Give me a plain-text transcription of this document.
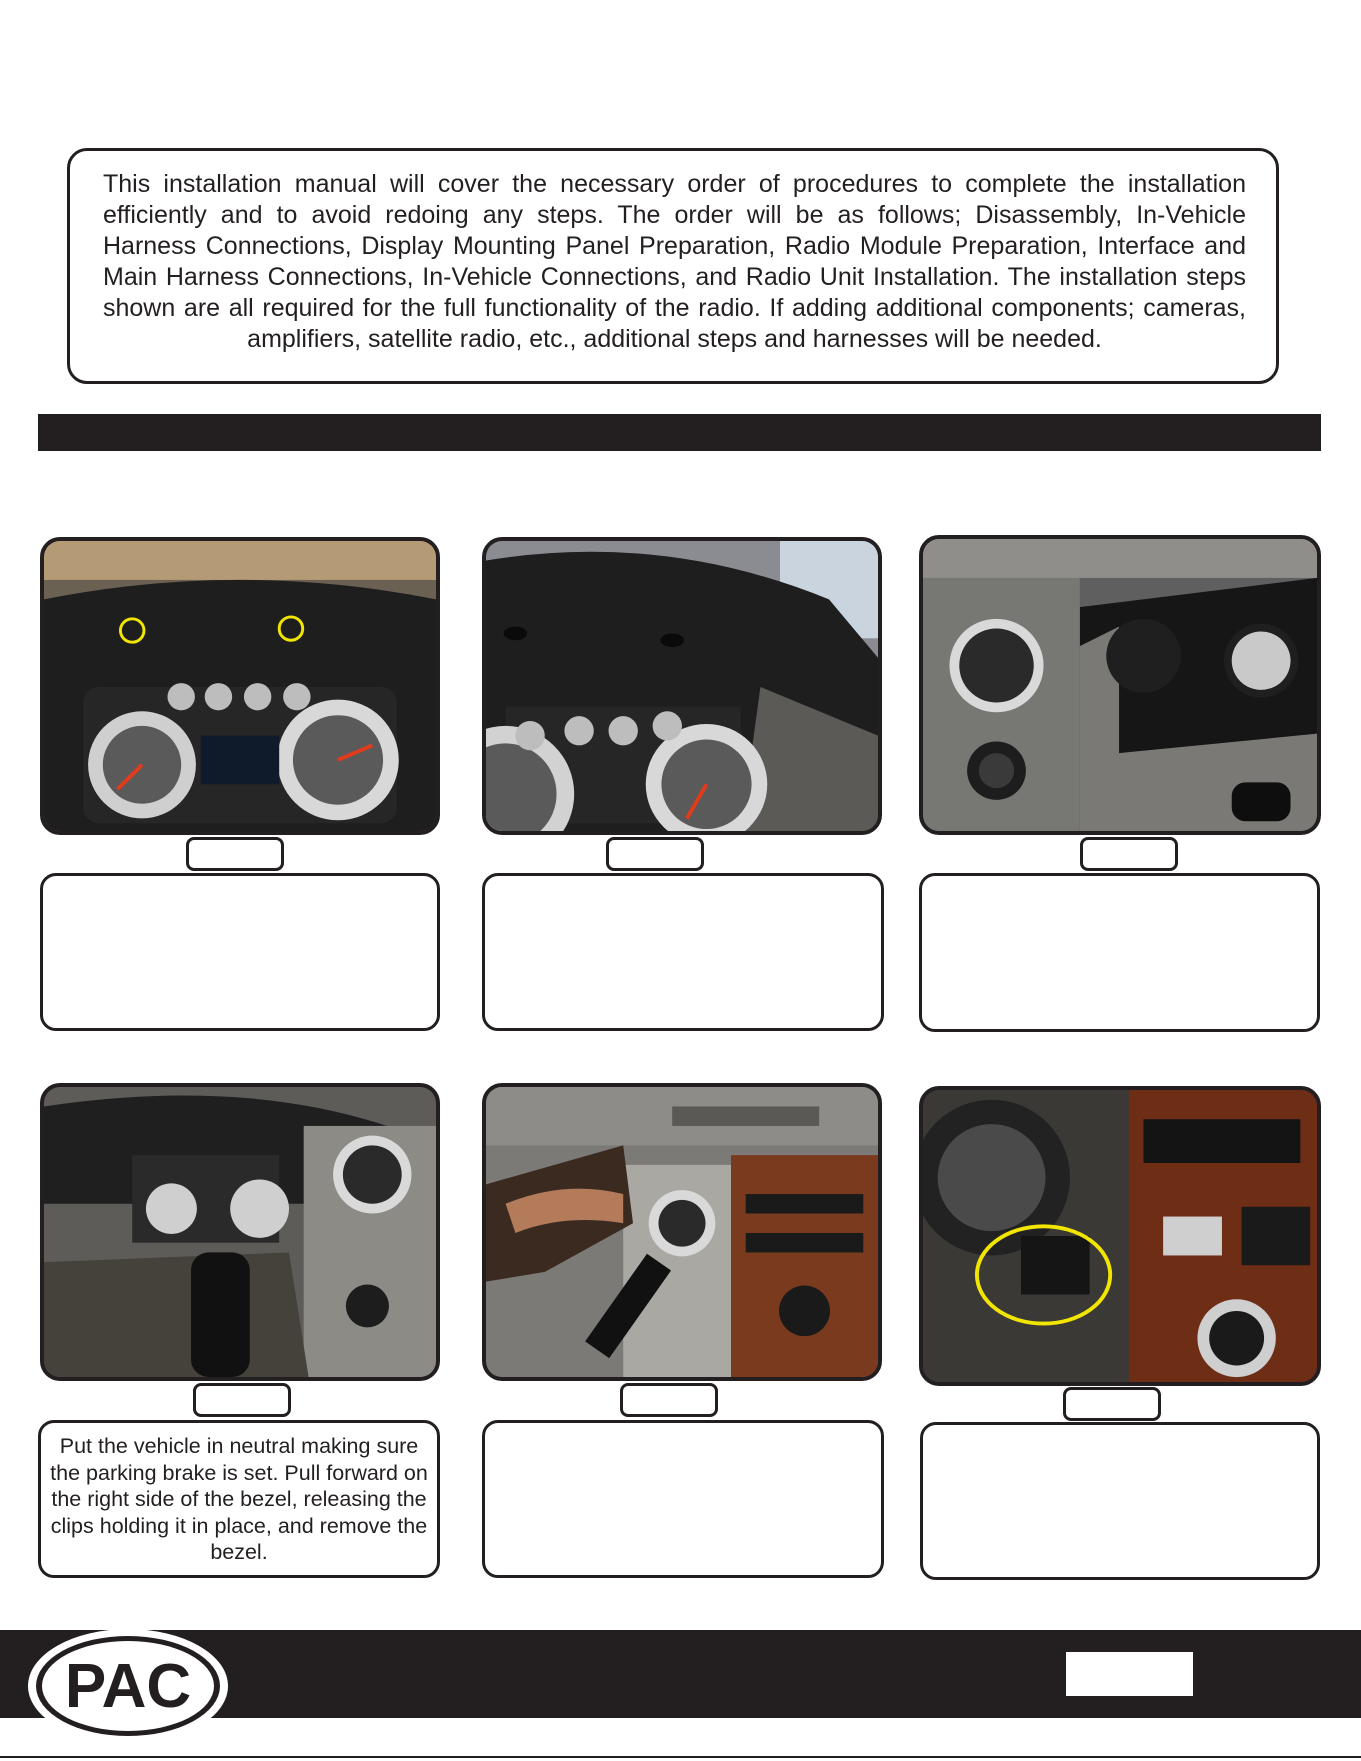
This installation manual will cover the necessary order of procedures to complete the installation efficiently and to avoid redoing any steps. The order will be as follows; Disassembly, In-Vehicle Harness Connections, Display Mounting Panel Preparation, Radio Module Preparation, Interface and Main Harness Connections, In-Vehicle Connections, and Radio Unit Installation. The installation steps shown are all required for the full functionality of the radio. If adding additional components; cameras, amplifiers, satellite radio, etc., additional steps and harnesses will be needed.

Put the vehicle in neutral making sure the parking brake is set. Pull forward on the right side of the bezel, releasing the clips holding it in place, and remove the bezel.

PAC
